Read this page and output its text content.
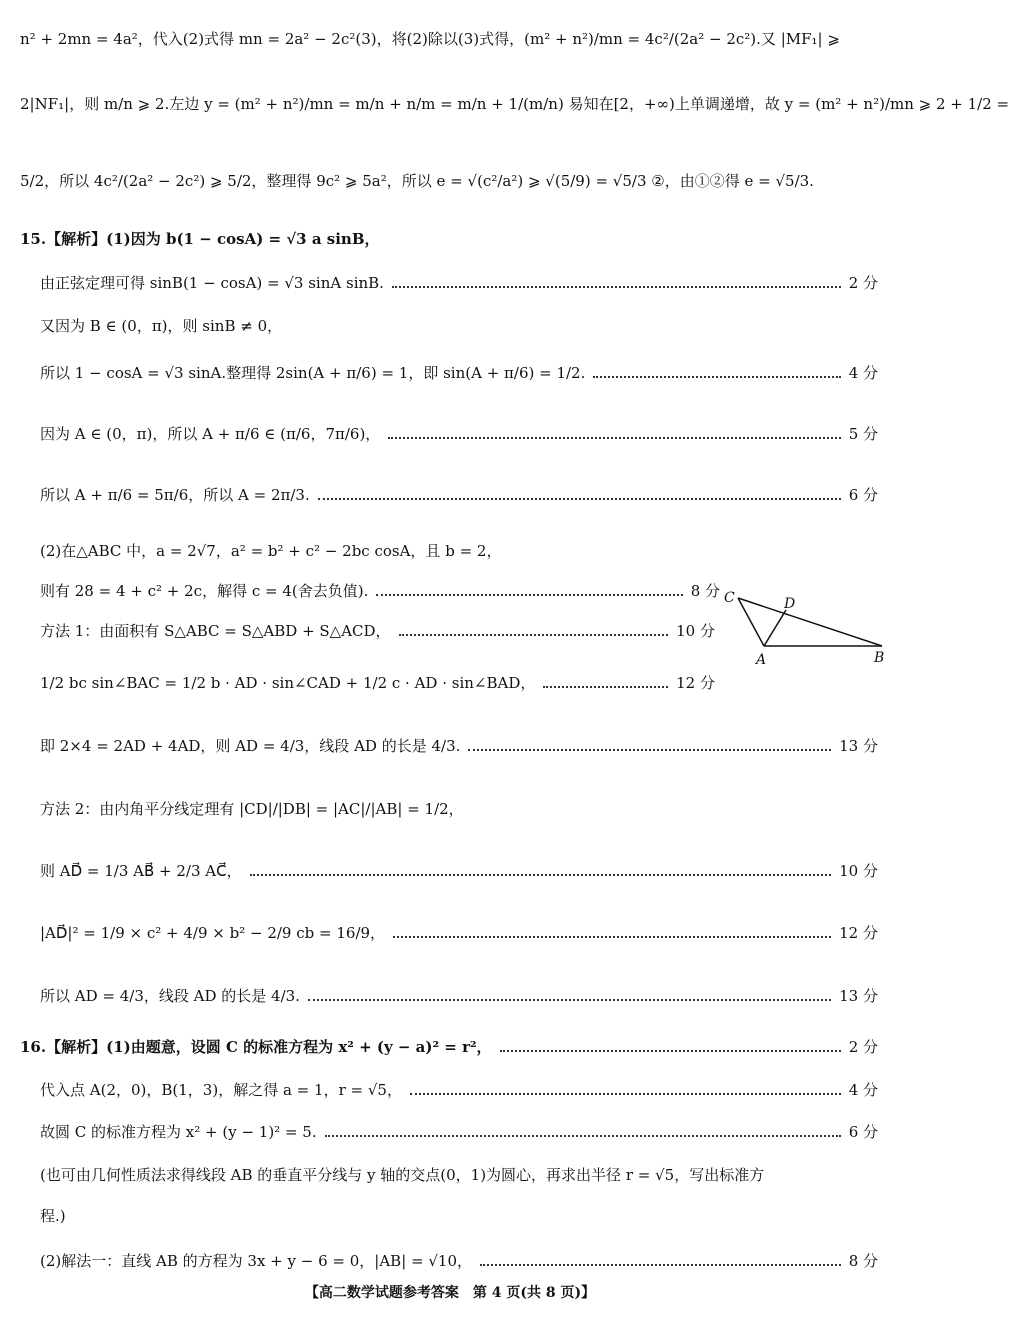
n² + 2mn = 4a²，代入(2)式得 mn = 2a² − 2c²(3)，将(2)除以(3)式得，(m² + n²)/mn = 4c²/(2a² − 2c²).又 |MF₁| ⩾
2|NF₁|，则 m/n ⩾ 2.左边 y = (m² + n²)/mn = m/n + n/m = m/n + 1/(m/n) 易知在[2，+∞)上单调递增，故 y = (m² + n²)/mn ⩾ 2 + 1/2 =
5/2，所以 4c²/(2a² − 2c²) ⩾ 5/2，整理得 9c² ⩾ 5a²，所以 e = √(c²/a²) ⩾ √(5/9) = √5/3 ②，由①②得 e = √5/3.
15.【解析】(1)因为 b(1 − cosA) = √3 a sinB，
由正弦定理可得 sinB(1 − cosA) = √3 sinA sinB.	2 分
又因为 B ∈ (0，π)，则 sinB ≠ 0，
所以 1 − cosA = √3 sinA.整理得 2sin(A + π/6) = 1，即 sin(A + π/6) = 1/2.	4 分
因为 A ∈ (0，π)，所以 A + π/6 ∈ (π/6，7π/6)，	5 分
所以 A + π/6 = 5π/6，所以 A = 2π/3.	6 分
(2)在△ABC 中，a = 2√7，a² = b² + c² − 2bc cosA，且 b = 2，
则有 28 = 4 + c² + 2c，解得 c = 4(舍去负值).	8 分
方法 1：由面积有 S△ABC = S△ABD + S△ACD，	10 分
1/2 bc sin∠BAC = 1/2 b · AD · sin∠CAD + 1/2 c · AD · sin∠BAD，	12 分
C	D
A	B
即 2×4 = 2AD + 4AD，则 AD = 4/3，线段 AD 的长是 4/3.	13 分
方法 2：由内角平分线定理有 |CD|/|DB| = |AC|/|AB| = 1/2，
则 AD⃗ = 1/3 AB⃗ + 2/3 AC⃗，	10 分
|AD⃗|² = 1/9 × c² + 4/9 × b² − 2/9 cb = 16/9，	12 分
所以 AD = 4/3，线段 AD 的长是 4/3.	13 分
16.【解析】(1)由题意，设圆 C 的标准方程为 x² + (y − a)² = r²，	2 分
代入点 A(2，0)，B(1，3)，解之得 a = 1，r = √5，	4 分
故圆 C 的标准方程为 x² + (y − 1)² = 5.	6 分
(也可由几何性质法求得线段 AB 的垂直平分线与 y 轴的交点(0，1)为圆心，再求出半径 r = √5，写出标准方
程.)
(2)解法一：直线 AB 的方程为 3x + y − 6 = 0，|AB| = √10，	8 分
【高二数学试题参考答案　第 4 页(共 8 页)】
